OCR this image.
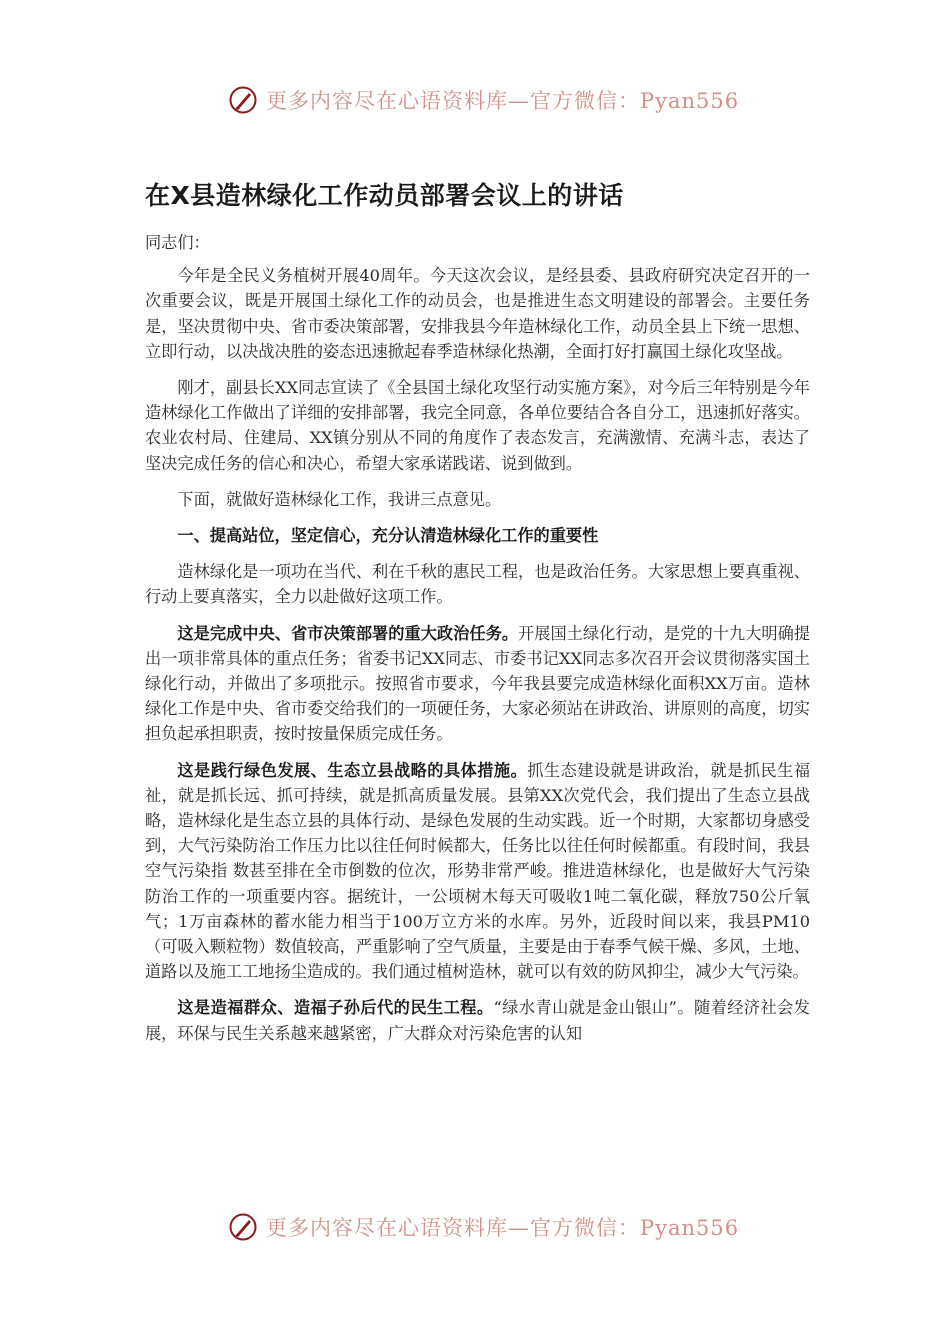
更多内容尽在心语资料库—官方微信：Pyan556
在X县造林绿化工作动员部署会议上的讲话

同志们：

今年是全民义务植树开展40周年。今天这次会议，是经县委、县政府研究决定召开的一次重要会议，既是开展国土绿化工作的动员会，也是推进生态文明建设的部署会。主要任务是，坚决贯彻中央、省市委决策部署，安排我县今年造林绿化工作，动员全县上下统一思想、立即行动，以决战决胜的姿态迅速掀起春季造林绿化热潮，全面打好打赢国土绿化攻坚战。

刚才，副县长XX同志宣读了《全县国土绿化攻坚行动实施方案》，对今后三年特别是今年造林绿化工作做出了详细的安排部署，我完全同意，各单位要结合各自分工，迅速抓好落实。农业农村局、住建局、XX镇分别从不同的角度作了表态发言，充满激情、充满斗志，表达了坚决完成任务的信心和决心，希望大家承诺践诺、说到做到。

下面，就做好造林绿化工作，我讲三点意见。

一、提高站位，坚定信心，充分认清造林绿化工作的重要性

造林绿化是一项功在当代、利在千秋的惠民工程，也是政治任务。大家思想上要真重视、行动上要真落实，全力以赴做好这项工作。

这是完成中央、省市决策部署的重大政治任务。开展国土绿化行动，是党的十九大明确提出一项非常具体的重点任务；省委书记XX同志、市委书记XX同志多次召开会议贯彻落实国土绿化行动，并做出了多项批示。按照省市要求，今年我县要完成造林绿化面积XX万亩。造林绿化工作是中央、省市委交给我们的一项硬任务，大家必须站在讲政治、讲原则的高度，切实担负起承担职责，按时按量保质完成任务。

这是践行绿色发展、生态立县战略的具体措施。抓生态建设就是讲政治，就是抓民生福祉，就是抓长远、抓可持续，就是抓高质量发展。县第XX次党代会，我们提出了生态立县战略，造林绿化是生态立县的具体行动、是绿色发展的生动实践。近一个时期，大家都切身感受到，大气污染防治工作压力比以往任何时候都大，任务比以往任何时候都重。有段时间，我县空气污染指 数甚至排在全市倒数的位次，形势非常严峻。推进造林绿化，也是做好大气污染防治工作的一项重要内容。据统计，一公顷树木每天可吸收1吨二氧化碳，释放750公斤氧气；1万亩森林的蓄水能力相当于100万立方米的水库。另外，近段时间以来，我县PM10（可吸入颗粒物）数值较高，严重影响了空气质量，主要是由于春季气候干燥、多风，土地、道路以及施工工地扬尘造成的。我们通过植树造林，就可以有效的防风抑尘，减少大气污染。

这是造福群众、造福子孙后代的民生工程。“绿水青山就是金山银山”。随着经济社会发展，环保与民生关系越来越紧密，广大群众对污染危害的认知

更多内容尽在心语资料库—官方微信：Pyan556
